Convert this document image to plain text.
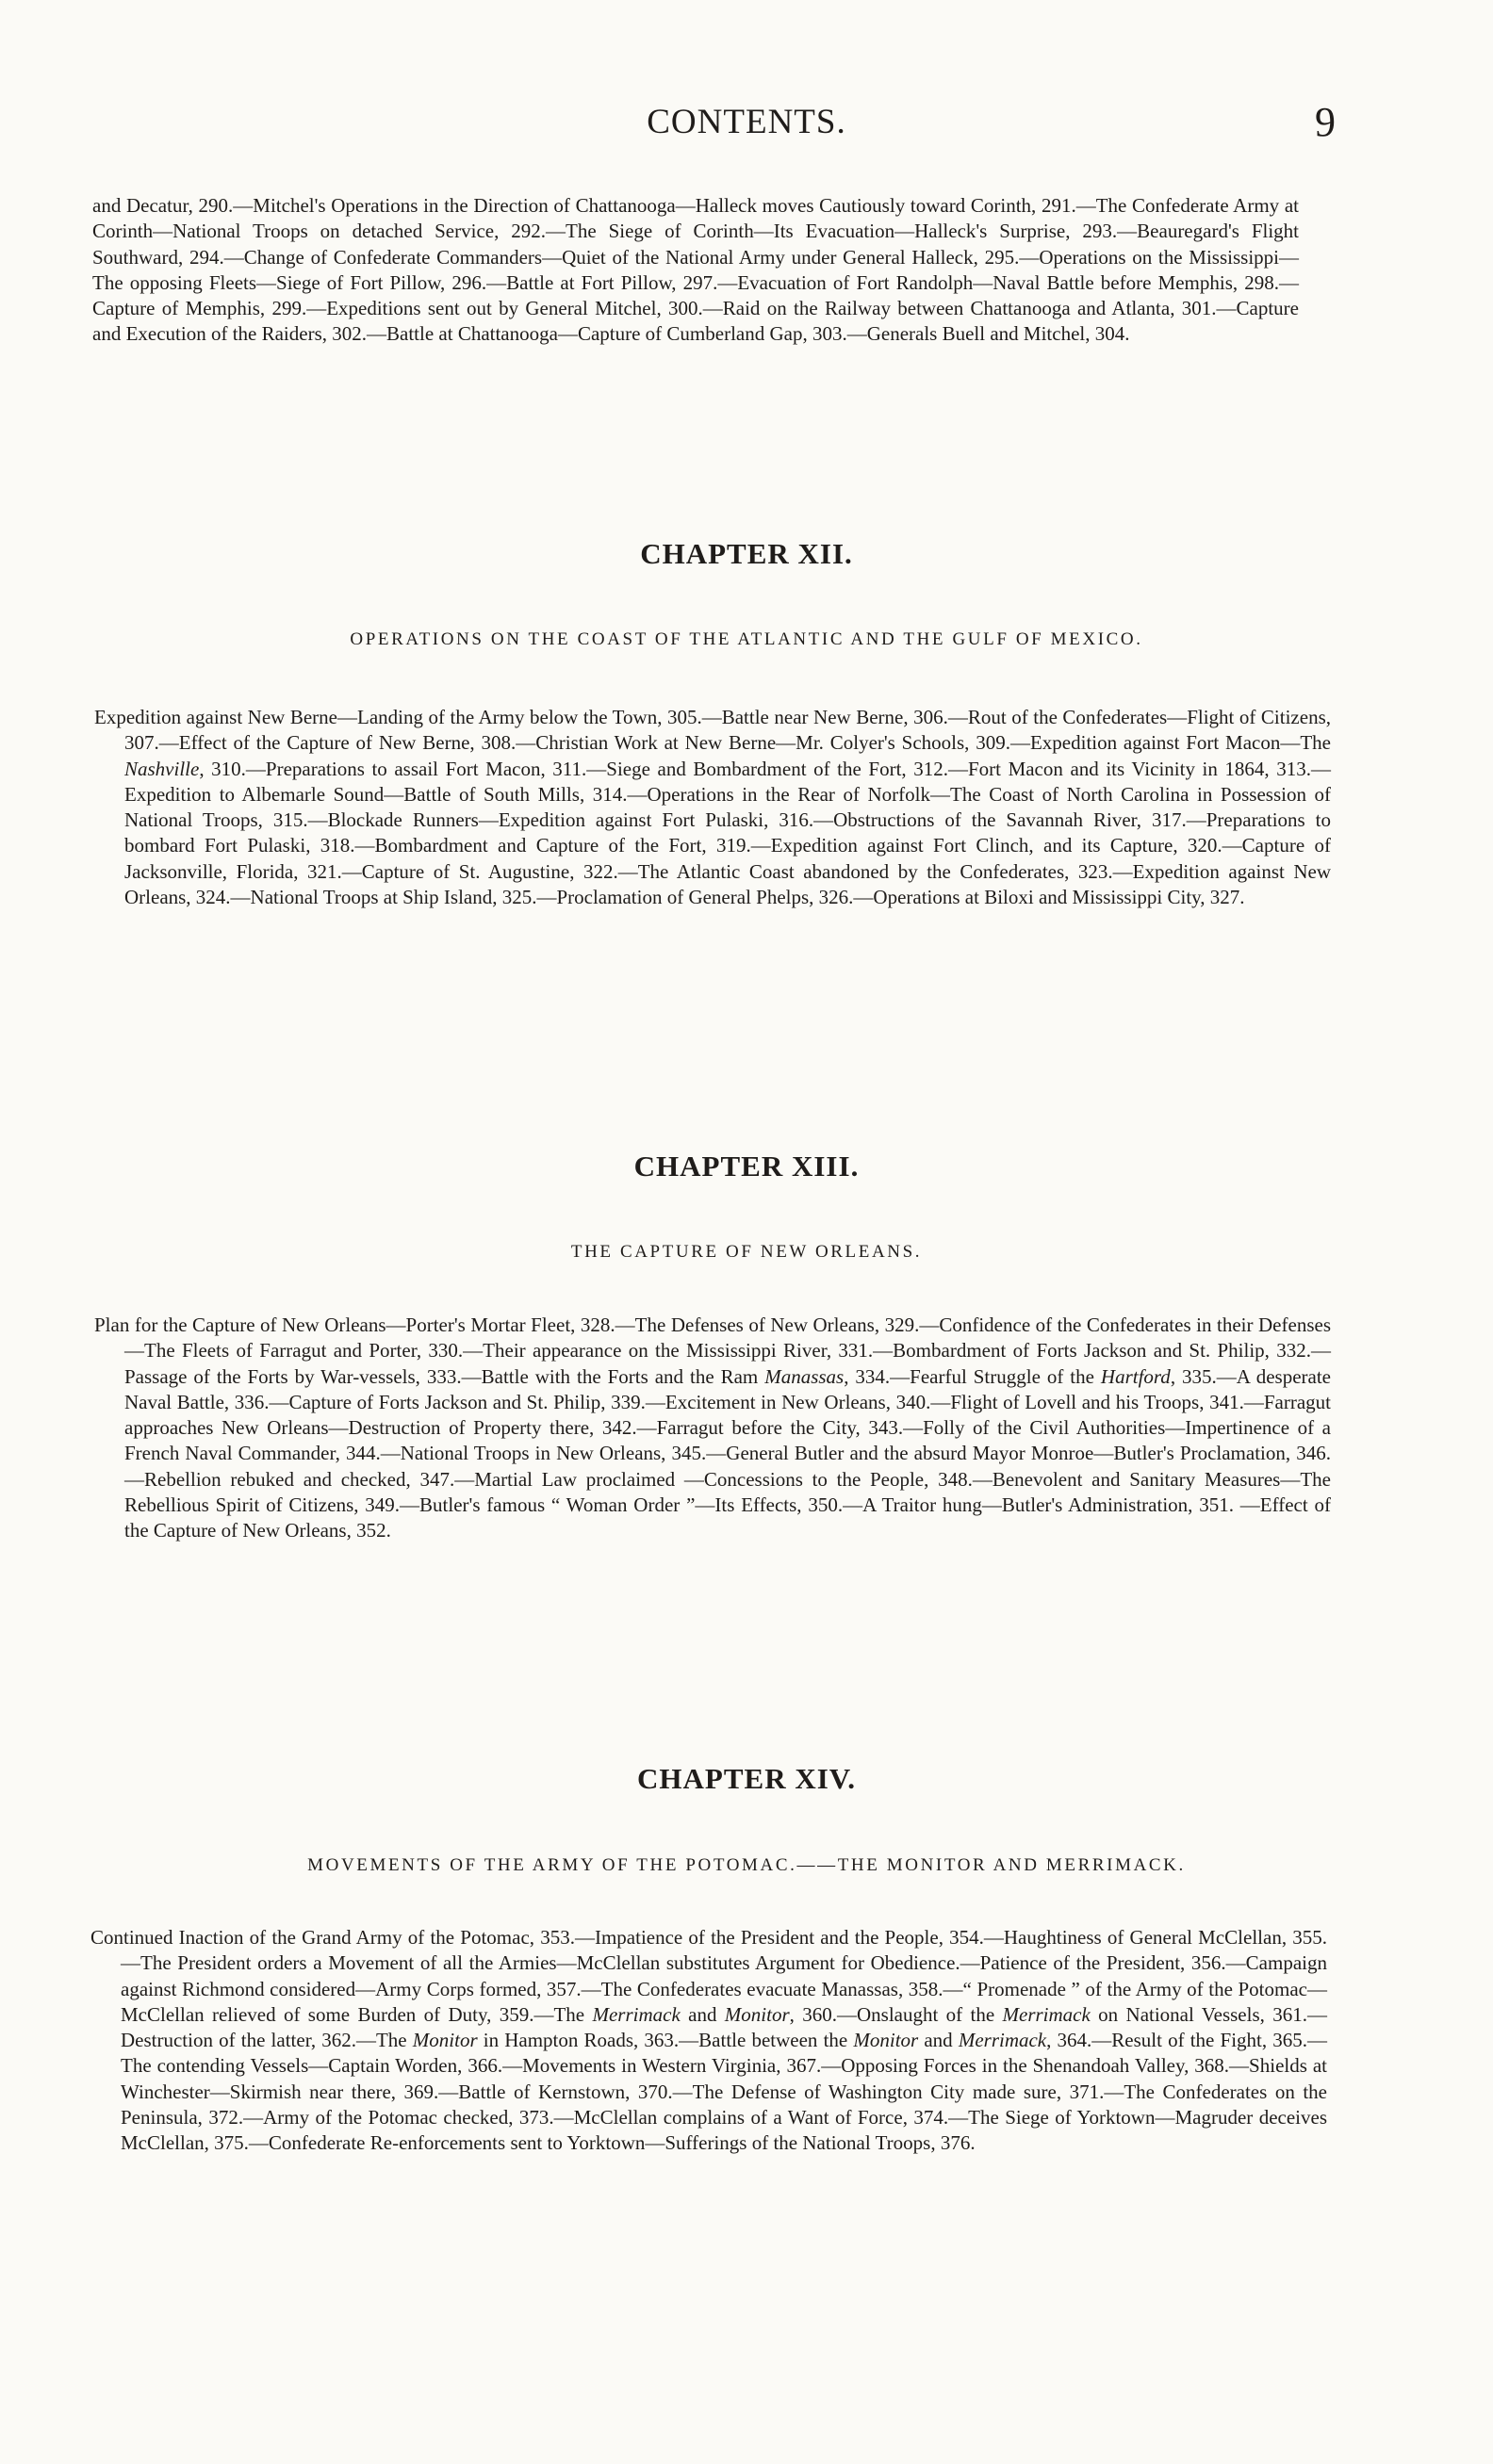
CONTENTS.	9

and Decatur, 290.—Mitchel's Operations in the Direction of Chattanooga—Halleck moves Cautiously toward Corinth, 291.—The Confederate Army at Corinth—National Troops on detached Service, 292.—The Siege of Corinth—Its Evacuation—Halleck's Surprise, 293.—Beauregard's Flight Southward, 294.—Change of Confederate Commanders—Quiet of the National Army under General Halleck, 295.—Operations on the Mississippi—The opposing Fleets—Siege of Fort Pillow, 296.—Battle at Fort Pillow, 297.—Evacuation of Fort Randolph—Naval Battle before Memphis, 298.—Capture of Memphis, 299.—Expeditions sent out by General Mitchel, 300.—Raid on the Railway between Chattanooga and Atlanta, 301.—Capture and Execution of the Raiders, 302.—Battle at Chattanooga—Capture of Cumberland Gap, 303.—Generals Buell and Mitchel, 304.

CHAPTER XII.
OPERATIONS ON THE COAST OF THE ATLANTIC AND THE GULF OF MEXICO.

Expedition against New Berne—Landing of the Army below the Town, 305.—Battle near New Berne, 306.—Rout of the Confederates—Flight of Citizens, 307.—Effect of the Capture of New Berne, 308.—Christian Work at New Berne—Mr. Colyer's Schools, 309.—Expedition against Fort Macon—The Nashville, 310.—Preparations to assail Fort Macon, 311.—Siege and Bombardment of the Fort, 312.—Fort Macon and its Vicinity in 1864, 313.—Expedition to Albemarle Sound—Battle of South Mills, 314.—Operations in the Rear of Norfolk—The Coast of North Carolina in Possession of National Troops, 315.—Blockade Runners—Expedition against Fort Pulaski, 316.—Obstructions of the Savannah River, 317.—Preparations to bombard Fort Pulaski, 318.—Bombardment and Capture of the Fort, 319.—Expedition against Fort Clinch, and its Capture, 320.—Capture of Jacksonville, Florida, 321.—Capture of St. Augustine, 322.—The Atlantic Coast abandoned by the Confederates, 323.—Expedition against New Orleans, 324.—National Troops at Ship Island, 325.—Proclamation of General Phelps, 326.—Operations at Biloxi and Mississippi City, 327.

CHAPTER XIII.
THE CAPTURE OF NEW ORLEANS.

Plan for the Capture of New Orleans—Porter's Mortar Fleet, 328.—The Defenses of New Orleans, 329.—Confidence of the Confederates in their Defenses—The Fleets of Farragut and Porter, 330.—Their appearance on the Mississippi River, 331.—Bombardment of Forts Jackson and St. Philip, 332.—Passage of the Forts by War-vessels, 333.—Battle with the Forts and the Ram Manassas, 334.—Fearful Struggle of the Hartford, 335.—A desperate Naval Battle, 336.—Capture of Forts Jackson and St. Philip, 339.—Excitement in New Orleans, 340.—Flight of Lovell and his Troops, 341.—Farragut approaches New Orleans—Destruction of Property there, 342.—Farragut before the City, 343.—Folly of the Civil Authorities—Impertinence of a French Naval Commander, 344.—National Troops in New Orleans, 345.—General Butler and the absurd Mayor Monroe—Butler's Proclamation, 346.—Rebellion rebuked and checked, 347.—Martial Law proclaimed —Concessions to the People, 348.—Benevolent and Sanitary Measures—The Rebellious Spirit of Citizens, 349.—Butler's famous “ Woman Order ”—Its Effects, 350.—A Traitor hung—Butler's Administration, 351. —Effect of the Capture of New Orleans, 352.

CHAPTER XIV.
MOVEMENTS OF THE ARMY OF THE POTOMAC.——THE MONITOR AND MERRIMACK.

Continued Inaction of the Grand Army of the Potomac, 353.—Impatience of the President and the People, 354.—Haughtiness of General McClellan, 355.—The President orders a Movement of all the Armies—McClellan substitutes Argument for Obedience.—Patience of the President, 356.—Campaign against Richmond considered—Army Corps formed, 357.—The Confederates evacuate Manassas, 358.—“ Promenade ” of the Army of the Potomac—McClellan relieved of some Burden of Duty, 359.—The Merrimack and Monitor, 360.—Onslaught of the Merrimack on National Vessels, 361.—Destruction of the latter, 362.—The Monitor in Hampton Roads, 363.—Battle between the Monitor and Merrimack, 364.—Result of the Fight, 365.—The contending Vessels—Captain Worden, 366.—Movements in Western Virginia, 367.—Opposing Forces in the Shenandoah Valley, 368.—Shields at Winchester—Skirmish near there, 369.—Battle of Kernstown, 370.—The Defense of Washington City made sure, 371.—The Confederates on the Peninsula, 372.—Army of the Potomac checked, 373.—McClellan complains of a Want of Force, 374.—The Siege of Yorktown—Magruder deceives McClellan, 375.—Confederate Re-enforcements sent to Yorktown—Sufferings of the National Troops, 376.
